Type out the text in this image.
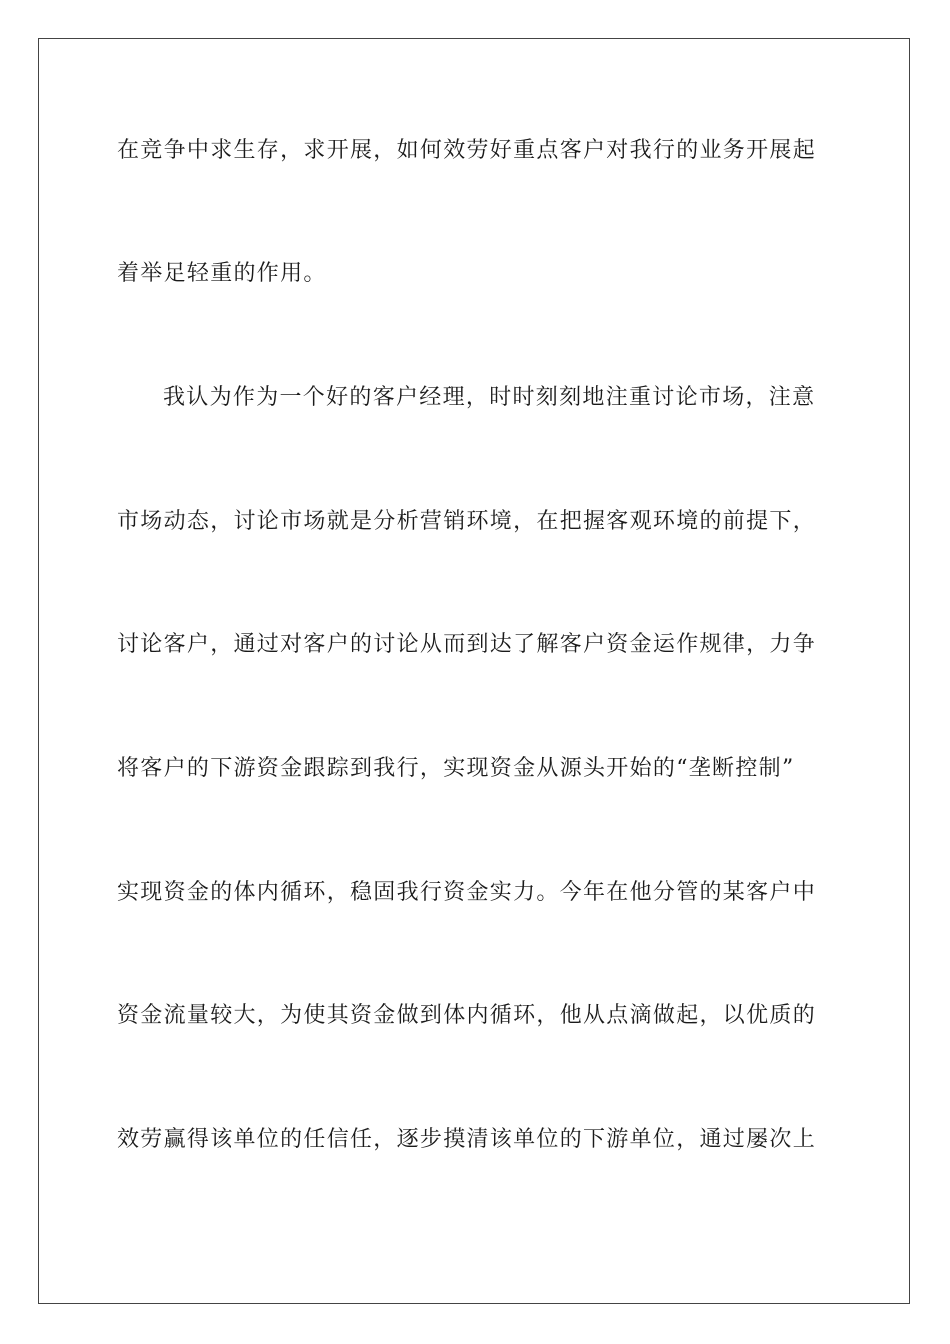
在竞争中求生存，求开展，如何效劳好重点客户对我行的业务开展起
着举足轻重的作用。
我认为作为一个好的客户经理，时时刻刻地注重讨论市场，注意
市场动态，讨论市场就是分析营销环境，在把握客观环境的前提下，
讨论客户，通过对客户的讨论从而到达了解客户资金运作规律，力争
将客户的下游资金跟踪到我行，实现资金从源头开始的“垄断控制”
实现资金的体内循环，稳固我行资金实力。今年在他分管的某客户中
资金流量较大，为使其资金做到体内循环，他从点滴做起，以优质的
效劳赢得该单位的任信任，逐步摸清该单位的下游单位，通过屡次上
